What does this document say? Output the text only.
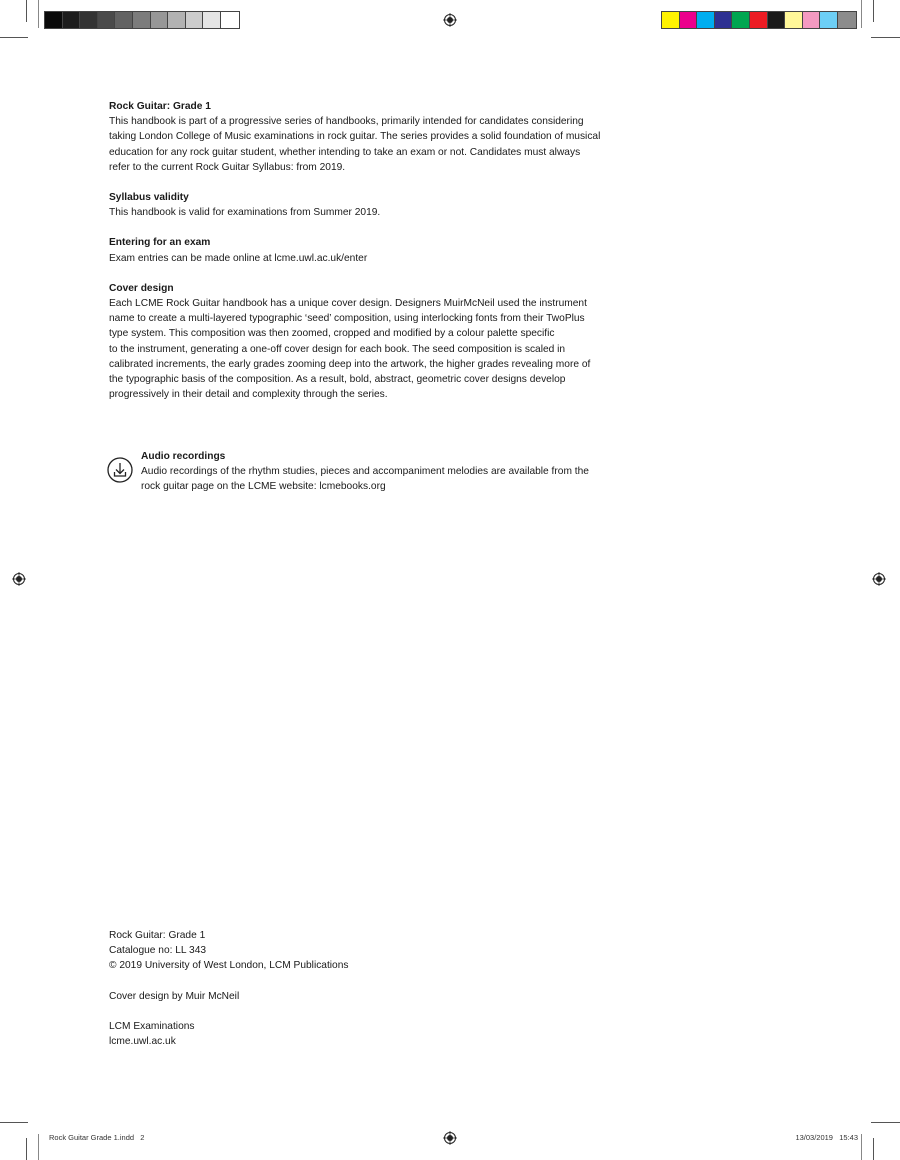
Rock Guitar: Grade 1

This handbook is part of a progressive series of handbooks, primarily intended for candidates considering

taking London College of Music examinations in rock guitar. The series provides a solid foundation of musical

education for any rock guitar student, whether intending to take an exam or not. Candidates must always

refer to the current Rock Guitar Syllabus: from 2019.

Syllabus validity

This handbook is valid for examinations from Summer 2019.

Entering for an exam

Exam entries can be made online at lcme.uwl.ac.uk/enter

Cover design

Each LCME Rock Guitar handbook has a unique cover design. Designers MuirMcNeil used the instrument

name to create a multi-layered typographic ‘seed’ composition, using interlocking fonts from their TwoPlus

type system. This composition was then zoomed, cropped and modified by a colour palette specific

to the instrument, generating a one-off cover design for each book. The seed composition is scaled in

calibrated increments, the early grades zooming deep into the artwork, the higher grades revealing more of

the typographic basis of the composition. As a result, bold, abstract, geometric cover designs develop

progressively in their detail and complexity through the series.

Audio recordings

Audio recordings of the rhythm studies, pieces and accompaniment melodies are available from the

rock guitar page on the LCME website: lcmebooks.org

Rock Guitar: Grade 1
Catalogue no: LL 343
© 2019 University of West London, LCM Publications
Cover design by Muir McNeil
LCM Examinations
lcme.uwl.ac.uk
Rock Guitar Grade 1.indd   2	13/03/2019   15:43
